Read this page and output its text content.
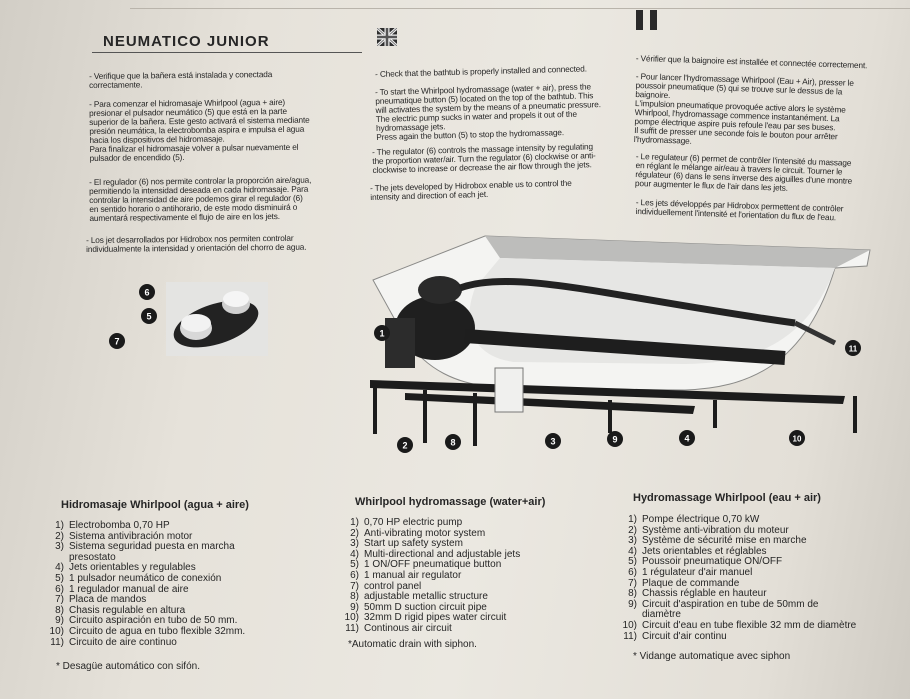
NEUMATICO JUNIOR
- Verifique que la bañera está instalada y conectada
correctamente.
- Para comenzar el hidromasaje Whirlpool (agua + aire)
presionar el pulsador neumático (5) que está en la parte
superior de la bañera. Este gesto activará el sistema mediante
presión neumática, la electrobomba aspira e impulsa el agua
hacia los dispositivos del hidromasaje.
Para finalizar el hidromasaje volver a pulsar nuevamente el
pulsador de encendido (5).
- El regulador (6) nos permite controlar la proporción aire/agua,
permitiendo la intensidad deseada en cada hidromasaje. Para
controlar la intensidad de aire podemos girar el regulador (6)
en sentido horario o antihorario, de este modo disminuirá o
aumentará respectivamente el flujo de aire en los jets.
- Los jet desarrollados por Hidrobox nos permiten controlar
individualmente la intensidad y orientación del chorro de agua.
- Check that the bathtub is properly installed and connected.
- To start the Whirlpool hydromassage (water + air), press the
pneumatique button (5) located on the top of the bathtub. This
will activates the system by the means of a pneumatic pressure.
The electric pump sucks in water and propels it out of the
hydromassage jets.
Press again the button (5) to stop the hydromassage.
- The regulator (6) controls the massage intensity by regulating
the proportion water/air. Turn the regulator (6) clockwise or anti-
clockwise to increase or decrease the air flow through the jets.
- The jets developed by Hidrobox enable us to control the
intensity and direction of each jet.
- Vérifier que la baignoire est installée et connectée correctement.
- Pour lancer l'hydromassage Whirlpool (Eau + Air), presser le
poussoir pneumatique (5) qui se trouve sur le dessus de la
baignoire.
L'impulsion pneumatique provoquée active alors le système
Whirlpool, l'hydromassage commence instantanément. La
pompe électrique aspire puis refoule l'eau par ses buses.
Il suffit de presser une seconde fois le bouton pour arrêter
l'hydromassage.
- Le regulateur (6) permet de contrôler l'intensité du massage
en réglant le mélange air/eau à travers le circuit. Tourner le
régulateur (6) dans le sens inverse des aiguilles d'une montre
pour augmenter le flux de l'air dans les jets.
- Les jets développés par Hidrobox permettent de contrôler
individuellement l'intensité et l'orientation du flux de l'eau.
6
5
7
1
2	8	3	9	4	10
11
Hidromasaje Whirlpool (agua + aire)
1) Electrobomba 0,70 HP
2) Sistema antivibración motor
3) Sistema seguridad puesta en marcha
presostato
4) Jets orientables y regulables
5) 1 pulsador neumático de conexión
6) 1 regulador manual de aire
7) Placa de mandos
8) Chasis regulable en altura
9) Circuito aspiración en tubo de 50 mm.
10) Circuito de agua en tubo flexible 32mm.
11) Circuito de aire continuo
* Desagüe automático con sifón.
Whirlpool hydromassage (water+air)
1) 0,70 HP electric pump
2) Anti-vibrating motor system
3) Start up safety system
4) Multi-directional and adjustable jets
5) 1 ON/OFF pneumatique button
6) 1 manual air regulator
7) control panel
8) adjustable metallic structure
9) 50mm D suction circuit pipe
10) 32mm D rigid pipes water circuit
11) Continous air circuit
*Automatic drain with siphon.
Hydromassage Whirlpool (eau + air)
1) Pompe électrique 0,70 kW
2) Système anti-vibration du moteur
3) Système de sécurité mise en marche
4) Jets orientables et réglables
5) Poussoir pneumatique ON/OFF
6) 1 régulateur d'air manuel
7) Plaque de commande
8) Chassis réglable en hauteur
9) Circuit d'aspiration en tube de 50mm de
diamètre
10) Circuit d'eau en tube flexible 32 mm de diamètre
11) Circuit d'air continu
* Vidange automatique avec siphon
